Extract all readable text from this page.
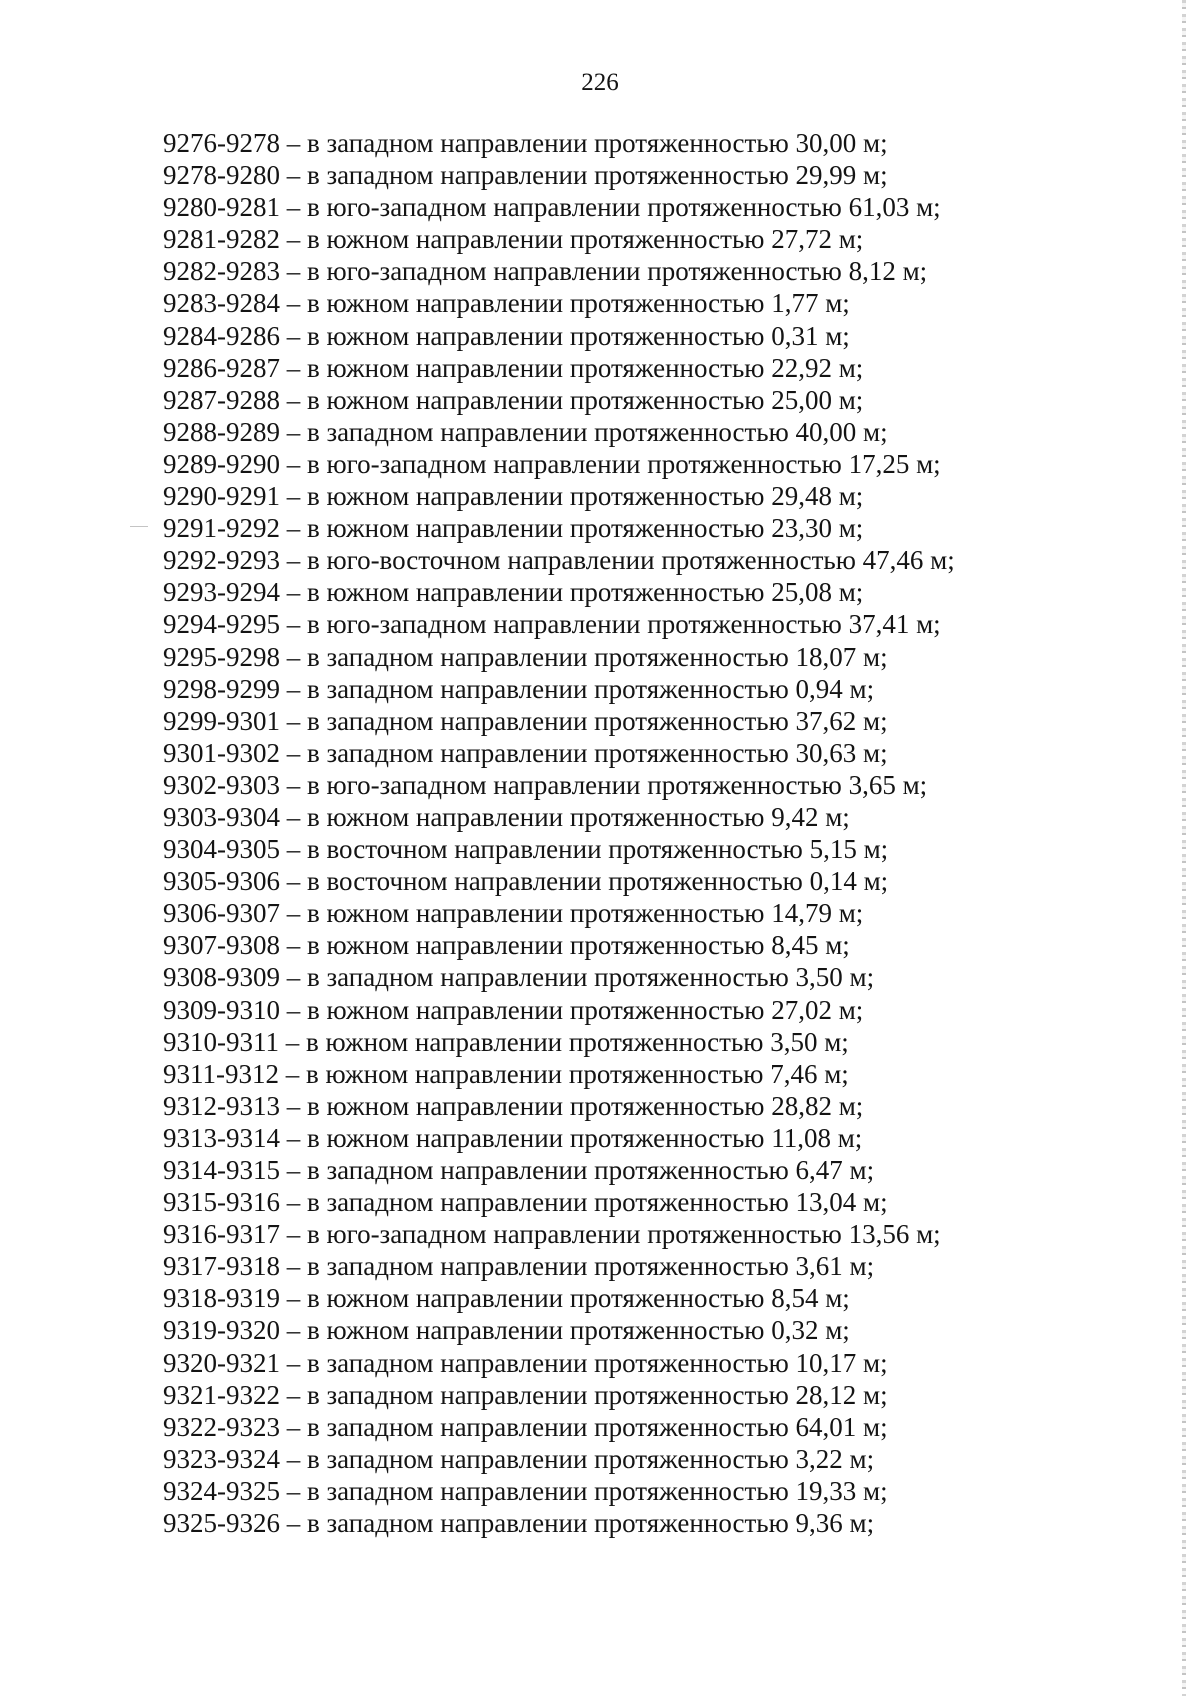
226
9276-9278 – в западном направлении протяженностью 30,00 м;
9278-9280 – в западном направлении протяженностью 29,99 м;
9280-9281 – в юго-западном направлении протяженностью 61,03 м;
9281-9282 – в южном направлении протяженностью 27,72 м;
9282-9283 – в юго-западном направлении протяженностью 8,12 м;
9283-9284 – в южном направлении протяженностью 1,77 м;
9284-9286 – в южном направлении протяженностью 0,31 м;
9286-9287 – в южном направлении протяженностью 22,92 м;
9287-9288 – в южном направлении протяженностью 25,00 м;
9288-9289 – в западном направлении протяженностью 40,00 м;
9289-9290 – в юго-западном направлении протяженностью 17,25 м;
9290-9291 – в южном направлении протяженностью 29,48 м;
9291-9292 – в южном направлении протяженностью 23,30 м;
9292-9293 – в юго-восточном направлении протяженностью 47,46 м;
9293-9294 – в южном направлении протяженностью 25,08 м;
9294-9295 – в юго-западном направлении протяженностью 37,41 м;
9295-9298 – в западном направлении протяженностью 18,07 м;
9298-9299 – в западном направлении протяженностью 0,94 м;
9299-9301 – в западном направлении протяженностью 37,62 м;
9301-9302 – в западном направлении протяженностью 30,63 м;
9302-9303 – в юго-западном направлении протяженностью 3,65 м;
9303-9304 – в южном направлении протяженностью 9,42 м;
9304-9305 – в восточном направлении протяженностью 5,15 м;
9305-9306 – в восточном направлении протяженностью 0,14 м;
9306-9307 – в южном направлении протяженностью 14,79 м;
9307-9308 – в южном направлении протяженностью 8,45 м;
9308-9309 – в западном направлении протяженностью 3,50 м;
9309-9310 – в южном направлении протяженностью 27,02 м;
9310-9311 – в южном направлении протяженностью 3,50 м;
9311-9312 – в южном направлении протяженностью 7,46 м;
9312-9313 – в южном направлении протяженностью 28,82 м;
9313-9314 – в южном направлении протяженностью 11,08 м;
9314-9315 – в западном направлении протяженностью 6,47 м;
9315-9316 – в западном направлении протяженностью 13,04 м;
9316-9317 – в юго-западном направлении протяженностью 13,56 м;
9317-9318 – в западном направлении протяженностью 3,61 м;
9318-9319 – в южном направлении протяженностью 8,54 м;
9319-9320 – в южном направлении протяженностью 0,32 м;
9320-9321 – в западном направлении протяженностью 10,17 м;
9321-9322 – в западном направлении протяженностью 28,12 м;
9322-9323 – в западном направлении протяженностью 64,01 м;
9323-9324 – в западном направлении протяженностью 3,22 м;
9324-9325 – в западном направлении протяженностью 19,33 м;
9325-9326 – в западном направлении протяженностью 9,36 м;
